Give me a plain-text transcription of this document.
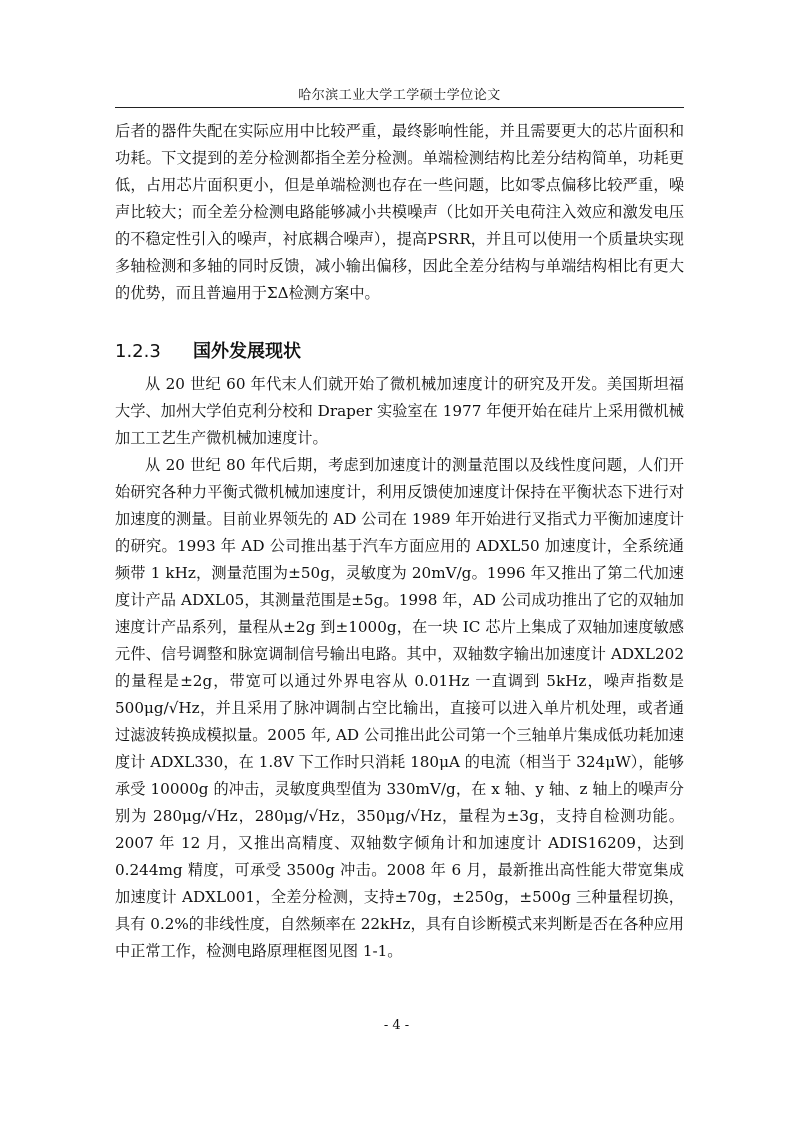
哈尔滨工业大学工学硕士学位论文

后者的器件失配在实际应用中比较严重，最终影响性能，并且需要更大的芯片面积和功耗。下文提到的差分检测都指全差分检测。单端检测结构比差分结构简单，功耗更低，占用芯片面积更小，但是单端检测也存在一些问题，比如零点偏移比较严重，噪声比较大；而全差分检测电路能够减小共模噪声（比如开关电荷注入效应和激发电压的不稳定性引入的噪声，衬底耦合噪声），提高PSRR，并且可以使用一个质量块实现多轴检测和多轴的同时反馈，减小输出偏移，因此全差分结构与单端结构相比有更大的优势，而且普遍用于ΣΔ检测方案中。

1.2.3 国外发展现状

从 20 世纪 60 年代末人们就开始了微机械加速度计的研究及开发。美国斯坦福大学、加州大学伯克利分校和 Draper 实验室在 1977 年便开始在硅片上采用微机械加工工艺生产微机械加速度计。

从 20 世纪 80 年代后期，考虑到加速度计的测量范围以及线性度问题，人们开始研究各种力平衡式微机械加速度计，利用反馈使加速度计保持在平衡状态下进行对加速度的测量。目前业界领先的 AD 公司在 1989 年开始进行叉指式力平衡加速度计的研究。1993 年 AD 公司推出基于汽车方面应用的 ADXL50 加速度计，全系统通频带 1 kHz，测量范围为±50g，灵敏度为 20mV/g。1996 年又推出了第二代加速度计产品 ADXL05，其测量范围是±5g。1998 年，AD 公司成功推出了它的双轴加速度计产品系列，量程从±2g 到±1000g，在一块 IC 芯片上集成了双轴加速度敏感元件、信号调整和脉宽调制信号输出电路。其中，双轴数字输出加速度计 ADXL202 的量程是±2g，带宽可以通过外界电容从 0.01Hz 一直调到 5kHz，噪声指数是 500μg/√Hz，并且采用了脉冲调制占空比输出，直接可以进入单片机处理，或者通过滤波转换成模拟量。2005 年, AD 公司推出此公司第一个三轴单片集成低功耗加速度计 ADXL330，在 1.8V 下工作时只消耗 180μA 的电流（相当于 324μW），能够承受 10000g 的冲击，灵敏度典型值为 330mV/g，在 x 轴、y 轴、z 轴上的噪声分别为 280μg/√Hz，280μg/√Hz，350μg/√Hz，量程为±3g，支持自检测功能。2007 年 12 月，又推出高精度、双轴数字倾角计和加速度计 ADIS16209，达到 0.244mg 精度，可承受 3500g 冲击。2008 年 6 月，最新推出高性能大带宽集成加速度计 ADXL001，全差分检测，支持±70g，±250g，±500g 三种量程切换，具有 0.2%的非线性度，自然频率在 22kHz，具有自诊断模式来判断是否在各种应用中正常工作，检测电路原理框图见图 1-1。

- 4 -
